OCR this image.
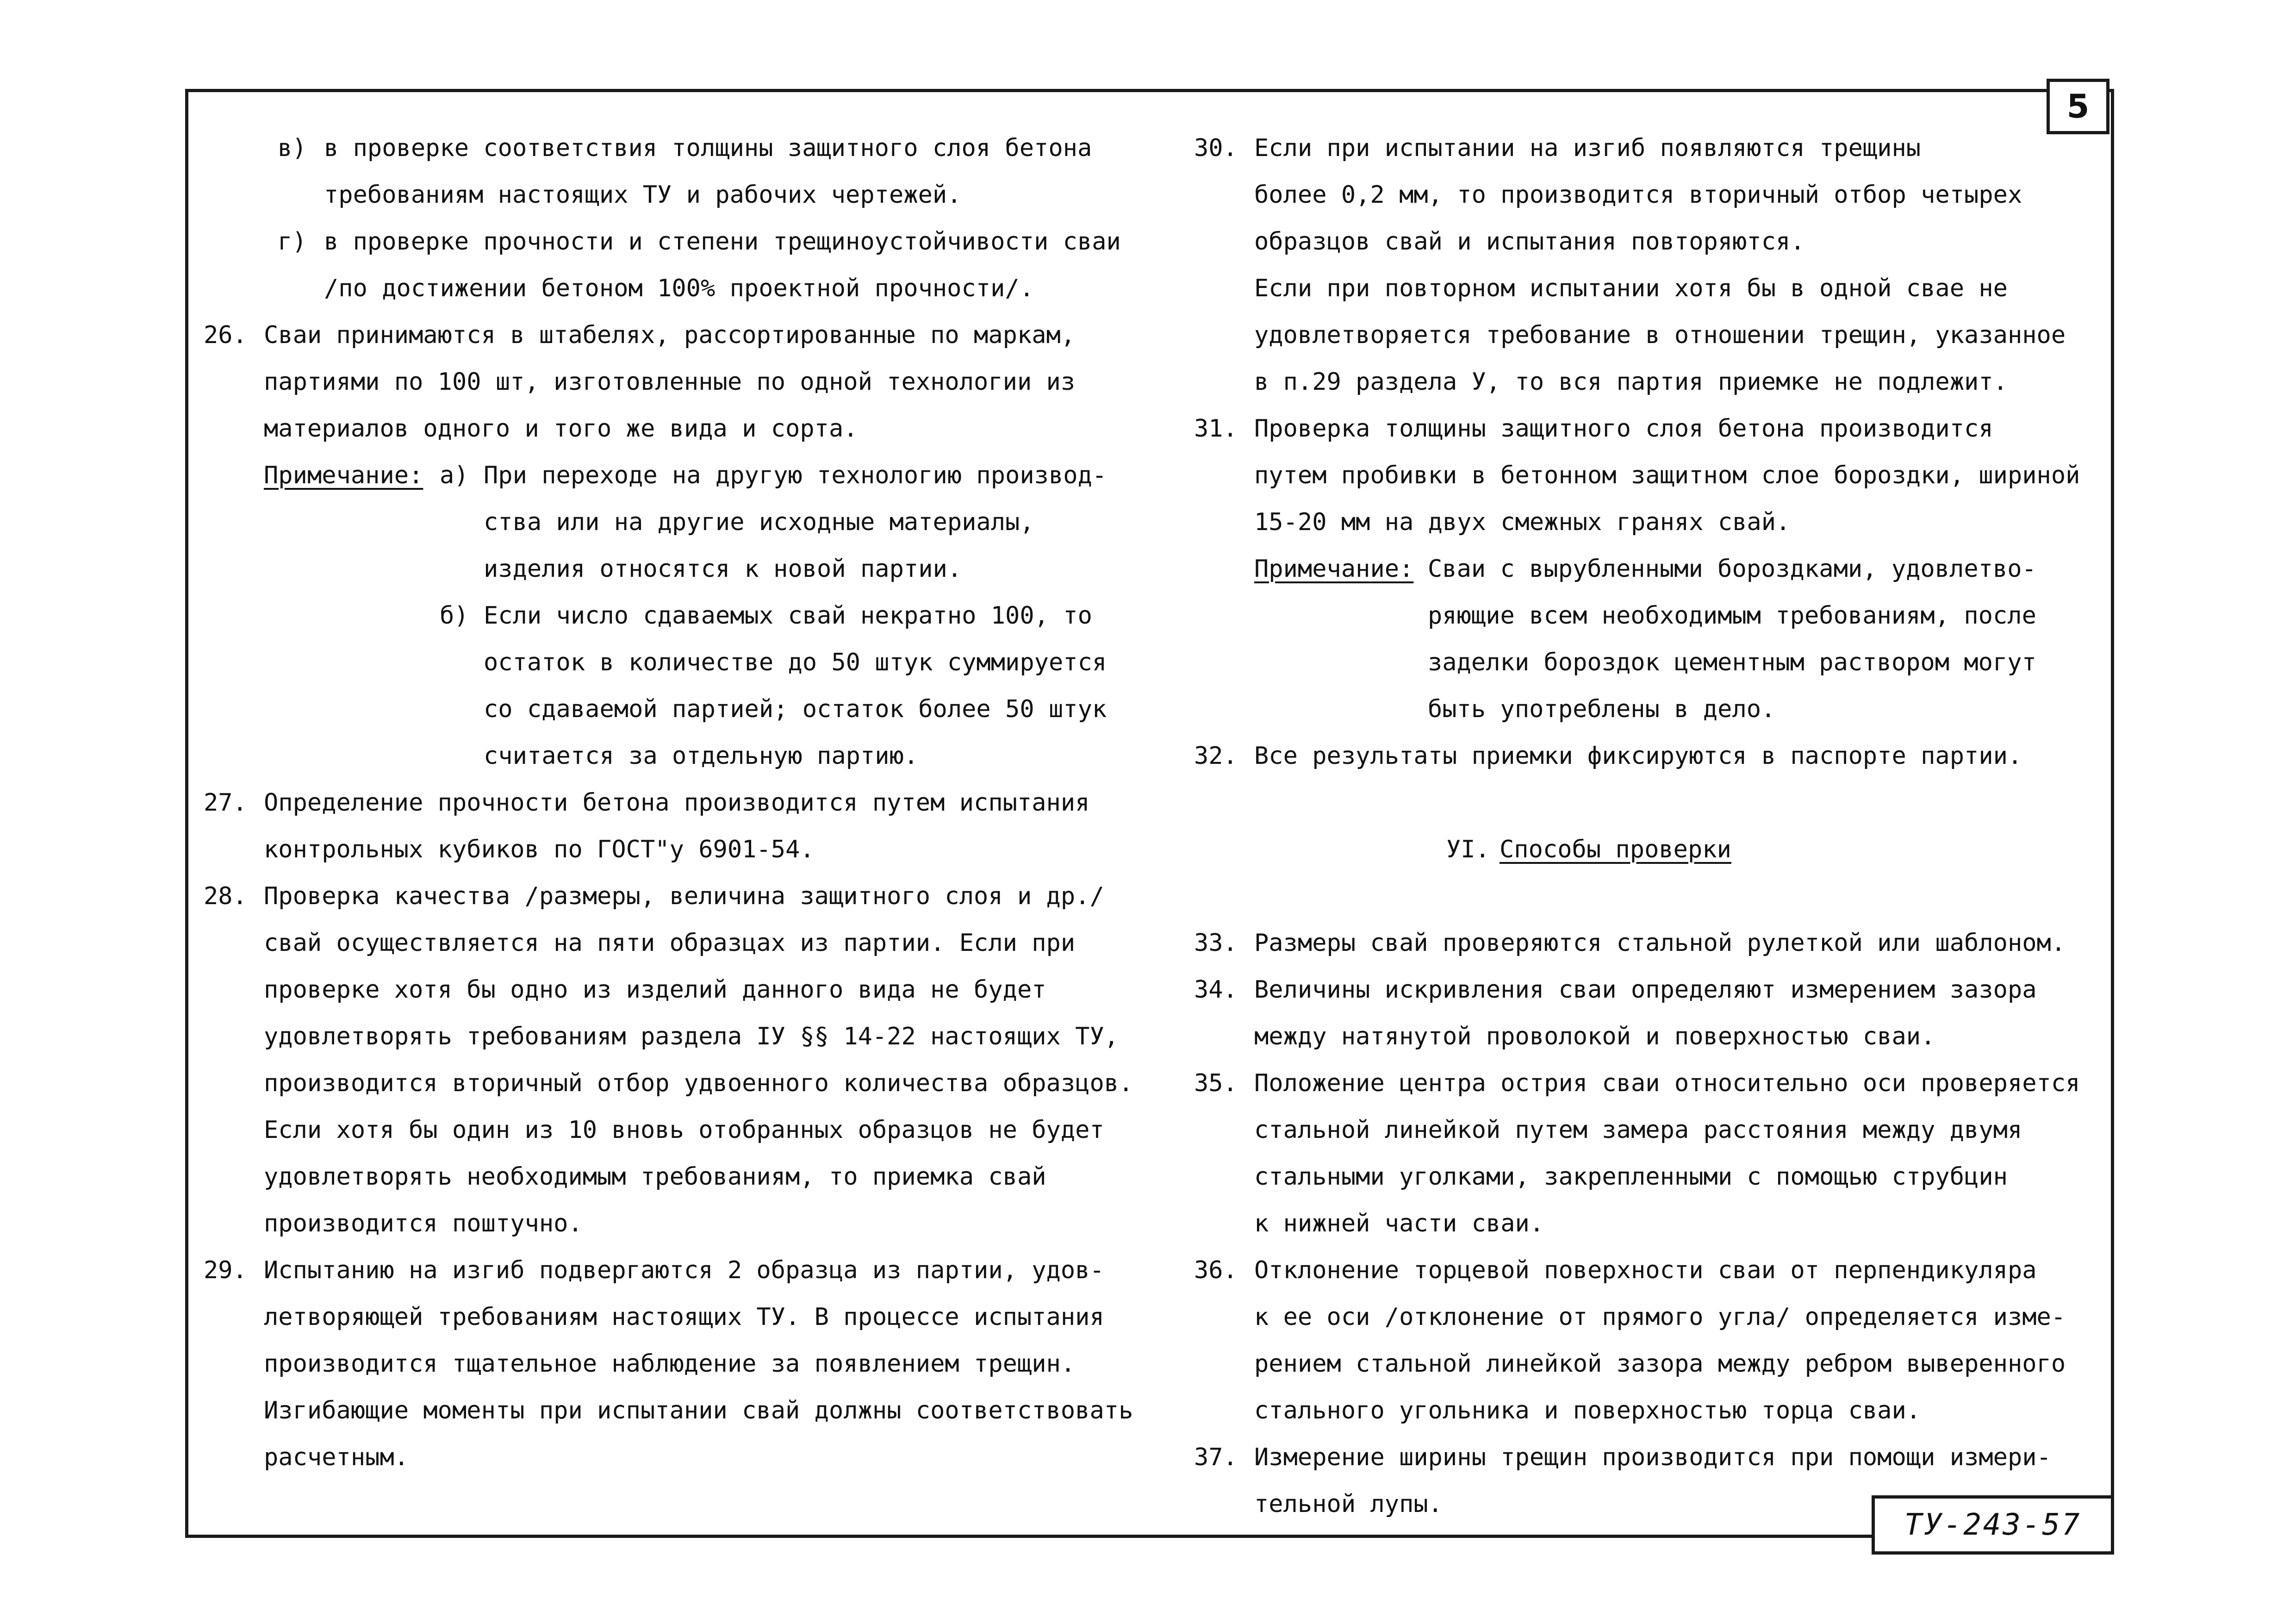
5
в) в проверке соответствия толщины защитного слоя бетона
требованиям настоящих ТУ и рабочих чертежей.
г) в проверке прочности и степени трещиноустойчивости сваи
/по достижении бетоном 100% проектной прочности/.
26. Сваи принимаются в штабелях, рассортированные по маркам,
партиями по 100 шт, изготовленные по одной технологии из
материалов одного и того же вида и сорта.
Примечание: а) При переходе на другую технологию производ-
ства или на другие исходные материалы,
изделия относятся к новой партии.
б) Если число сдаваемых свай некратно 100, то
остаток в количестве до 50 штук суммируется
со сдаваемой партией; остаток более 50 штук
считается за отдельную партию.
27. Определение прочности бетона производится путем испытания
контрольных кубиков по ГОСТ"у 6901-54.
28. Проверка качества /размеры, величина защитного слоя и др./
свай осуществляется на пяти образцах из партии. Если при
проверке хотя бы одно из изделий данного вида не будет
удовлетворять требованиям раздела IУ §§ 14-22 настоящих ТУ,
производится вторичный отбор удвоенного количества образцов.
Если хотя бы один из 10 вновь отобранных образцов не будет
удовлетворять необходимым требованиям, то приемка свай
производится поштучно.
29. Испытанию на изгиб подвергаются 2 образца из партии, удов-
летворяющей требованиям настоящих ТУ. В процессе испытания
производится тщательное наблюдение за появлением трещин.
Изгибающие моменты при испытании свай должны соответствовать
расчетным.
30. Если при испытании на изгиб появляются трещины
более 0,2 мм, то производится вторичный отбор четырех
образцов свай и испытания повторяются.
Если при повторном испытании хотя бы в одной свае не
удовлетворяется требование в отношении трещин, указанное
в п.29 раздела У, то вся партия приемке не подлежит.
31. Проверка толщины защитного слоя бетона производится
путем пробивки в бетонном защитном слое бороздки, шириной
15-20 мм на двух смежных гранях свай.
Примечание: Сваи с вырубленными бороздками, удовлетво-
ряющие всем необходимым требованиям, после
заделки бороздок цементным раствором могут
быть употреблены в дело.
32. Все результаты приемки фиксируются в паспорте партии.
УI. Способы проверки
33. Размеры свай проверяются стальной рулеткой или шаблоном.
34. Величины искривления сваи определяют измерением зазора
между натянутой проволокой и поверхностью сваи.
35. Положение центра острия сваи относительно оси проверяется
стальной линейкой путем замера расстояния между двумя
стальными уголками, закрепленными с помощью струбцин
к нижней части сваи.
36. Отклонение торцевой поверхности сваи от перпендикуляра
к ее оси /отклонение от прямого угла/ определяется изме-
рением стальной линейкой зазора между ребром выверенного
стального угольника и поверхностью торца сваи.
37. Измерение ширины трещин производится при помощи измери-
тельной лупы.
ТУ-243-57
